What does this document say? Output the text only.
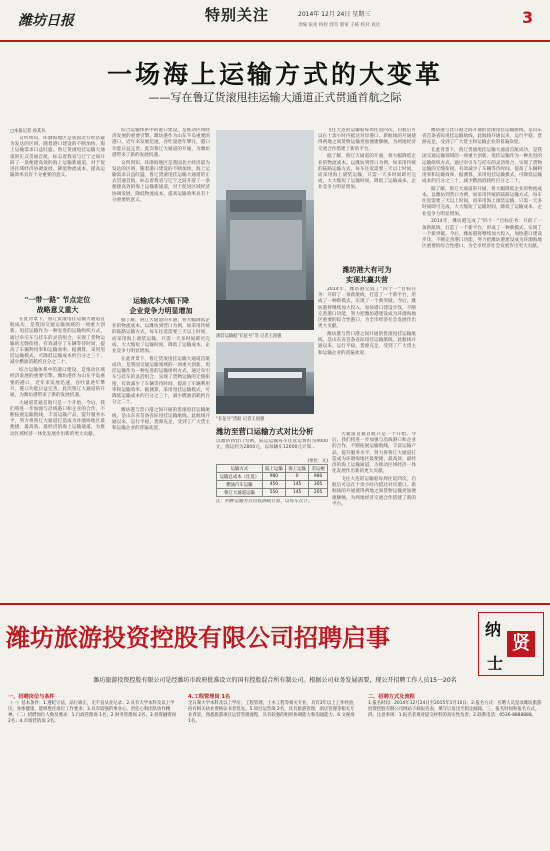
潍坊日报	特别关注	2014年 12月 24日 星期三
责编 张亮 校检 郭雪 版审 王栋 校对 刘达	3
一场海上运输方式的大变革
——写在鲁辽货滚甩挂运输大通道正式贯通首航之际
□本报记者 孙其丛

众所周知，环渤海地区是我国北方经济最为发达的区域，随着港口建设的不断加快，海上运输需求日益旺盛。鲁辽货滚甩挂运输大通道的正式贯通首航，标志着我省与辽宁之间开辟了一条便捷高效的海上运输新通道，对于促进区域经济协调发展、降低物流成本、提高运输效率具有十分重要的意义。

"一带一路" 节点定位
战略意义重大

在此背景下，鲁辽货滚甩挂运输大通道首航成功，是我国交通运输领域的一项重大创新。甩挂运输作为一种先进的运输组织方式，通过牵引车与挂车的灵活组合，实现了货物运输的无缝衔接，有效减少了车辆等待时间，提高了车辆利用率和运输效率。据测算，采用甩挂运输模式，可降低运输成本约百分之三十，减少燃油消耗约百分之二十。

综合运输体系中的港口建设，是推动区域经济发展的重要引擎。潍坊港作为山东半岛重要的港口，近年来发展迅速，吞吐量逐年攀升，港口功能日益完善。此次鲁辽大通道的开通，为潍坊港带来了新的发展机遇。

大通道贯通首航只是一个开始。今后，我们将进一步加强与沿线港口和企业的合作，不断拓展运输航线，丰富运输产品，提升服务水平，努力将鲁辽大通道打造成为环渤海地区最便捷、最高效、最经济的海上运输通道，为推动区域经济一体化发展作出新的更大贡献。

综合运输体系中的港口建设，是推动区域经济发展的重要引擎。潍坊港作为山东半岛重要的港口，近年来发展迅速，吞吐量逐年攀升，港口功能日益完善。此次鲁辽大通道的开通，为潍坊港带来了新的发展机遇。

众所周知，环渤海地区是我国北方经济最为发达的区域，随着港口建设的不断加快，海上运输需求日益旺盛。鲁辽货滚甩挂运输大通道的正式贯通首航，标志着我省与辽宁之间开辟了一条便捷高效的海上运输新通道，对于促进区域经济协调发展、降低物流成本、提高运输效率具有十分重要的意义。

运输成本大幅下降
企业竞争力明显增加

据了解，鲁辽大通道的开通，将大幅降低企业的物流成本。以潍坊到营口为例，如采用传统的陆路运输方式，每车往返需要三天以上时间，而采用海上滚装运输，只需一天多时间即可完成，大大缩短了运输时间，降低了运输成本，企业竞争力明显增加。

在此背景下，鲁辽货滚甩挂运输大通道首航成功，是我国交通运输领域的一项重大创新。甩挂运输作为一种先进的运输组织方式，通过牵引车与挂车的灵活组合，实现了货物运输的无缝衔接，有效减少了车辆等待时间，提高了车辆利用率和运输效率。据测算，采用甩挂运输模式，可降低运输成本约百分之三十，减少燃油消耗约百分之二十。

潍坊港与营口港之间开通的货滚甩挂运输航线，是山东省首条省际甩挂运输航线。此航线开通以来，运行平稳，货源充足，受到了广大货主和运输企业的普遍欢迎。

滚装运输船"长征号"等 记者王国强
"长征号"货船 记者王国强
潍坊至营口运输方式对比分析
以潍坊到营口为例，陆运运输每车往返运费约为4000元，海运约为2800元，以每辆车12000元计算...
(单位：元)
运输方式	陆上运输	海上运输	差运额
运输总成本（往返）	980	0	980
燃油汽车运输	450	145	305
鲁辽大通道运输	550	145	205
注：两种运输方式均按满载计算，以每车次计。

飞往大连的运输船每周往返四次，启航后可以在十余小时内抵达对岸港口。新航线的开通使得两地之间货物运输更加便捷顺畅，为两地经济交流合作搭建了新的平台。

据了解，鲁辽大通道的开通，将大幅降低企业的物流成本。以潍坊到营口为例，如采用传统的陆路运输方式，每车往返需要三天以上时间，而采用海上滚装运输，只需一天多时间即可完成，大大缩短了运输时间，降低了运输成本，企业竞争力明显增加。

潍坊港大有可为
实现共赢共营

2014年，潍坊港完成了"四个一"目标任务：开辟了一条新航线，打造了一个新平台，形成了一种新模式，实现了一个新突破。今后，潍坊港将继续加大投入，加快港口建设步伐，不断完善港口功能，努力把潍坊港建设成为环渤海地区重要的综合性港口，为全市经济社会发展作出更大贡献。

潍坊港与营口港之间开通的货滚甩挂运输航线，是山东省首条省际甩挂运输航线。此航线开通以来，运行平稳，货源充足，受到了广大货主和运输企业的普遍欢迎。

大通道贯通首航只是一个开始。今后，我们将进一步加强与沿线港口和企业的合作，不断拓展运输航线，丰富运输产品，提升服务水平，努力将鲁辽大通道打造成为环渤海地区最便捷、最高效、最经济的海上运输通道，为推动区域经济一体化发展作出新的更大贡献。

飞往大连的运输船每周往返四次，启航后可以在十余小时内抵达对岸港口。新航线的开通使得两地之间货物运输更加便捷顺畅，为两地经济交流合作搭建了新的平台。

潍坊港与营口港之间开通的货滚甩挂运输航线，是山东省首条省际甩挂运输航线。此航线开通以来，运行平稳，货源充足，受到了广大货主和运输企业的普遍欢迎。

在此背景下，鲁辽货滚甩挂运输大通道首航成功，是我国交通运输领域的一项重大创新。甩挂运输作为一种先进的运输组织方式，通过牵引车与挂车的灵活组合，实现了货物运输的无缝衔接，有效减少了车辆等待时间，提高了车辆利用率和运输效率。据测算，采用甩挂运输模式，可降低运输成本约百分之三十，减少燃油消耗约百分之二十。

据了解，鲁辽大通道的开通，将大幅降低企业的物流成本。以潍坊到营口为例，如采用传统的陆路运输方式，每车往返需要三天以上时间，而采用海上滚装运输，只需一天多时间即可完成，大大缩短了运输时间，降低了运输成本，企业竞争力明显增加。

2014年，潍坊港完成了"四个一"目标任务：开辟了一条新航线，打造了一个新平台，形成了一种新模式，实现了一个新突破。今后，潍坊港将继续加大投入，加快港口建设步伐，不断完善港口功能，努力把潍坊港建设成为环渤海地区重要的综合性港口，为全市经济社会发展作出更大贡献。

潍坊旅游投资控股有限公司招聘启事	纳
贤
士
潍坊旅游投资控股有限公司是经潍坊市政府批准设立的国有控股混合所有制公司。根据公司业务发展需要，现公开招聘工作人员15一20名
一、招聘岗位与条件
（一）基本条件：1.遵纪守法，品行端正，无不良从业记录；2.具有大学本科及以上学历，身体健康，能够胜任岗位工作要求；3.具有较强的事业心、责任心和团队协作精神。（二）招聘岗位人数及要求：1.行政管理岗 1名；2.财务管理岗 2名；3.投资融资岗 2名；4.市场营销岗 2名。
4.工程管理岗 1名
全日制大学本科及以上学历，工程管理、土木工程等相关专业，具有3年以上工作经验，持有相关执业资格证书者优先。5.项目运营岗 2名，具有旅游管理、酒店管理等相关专业背景，熟悉旅游项目运营管理流程，具有较强的组织协调能力和沟通能力。6.文秘岗 1名。
二、招聘方式及流程
1.报名时间：2014年12月24日至2015年1月10日；2.报名方式：应聘人员登录潍坊旅游投资控股有限公司网站下载报名表，填写后发送至指定邮箱。三、报名时间和报名方式。四、注意事项：1.报名者须对提交材料的真实性负责；2.联系电话：0536-8888888。
